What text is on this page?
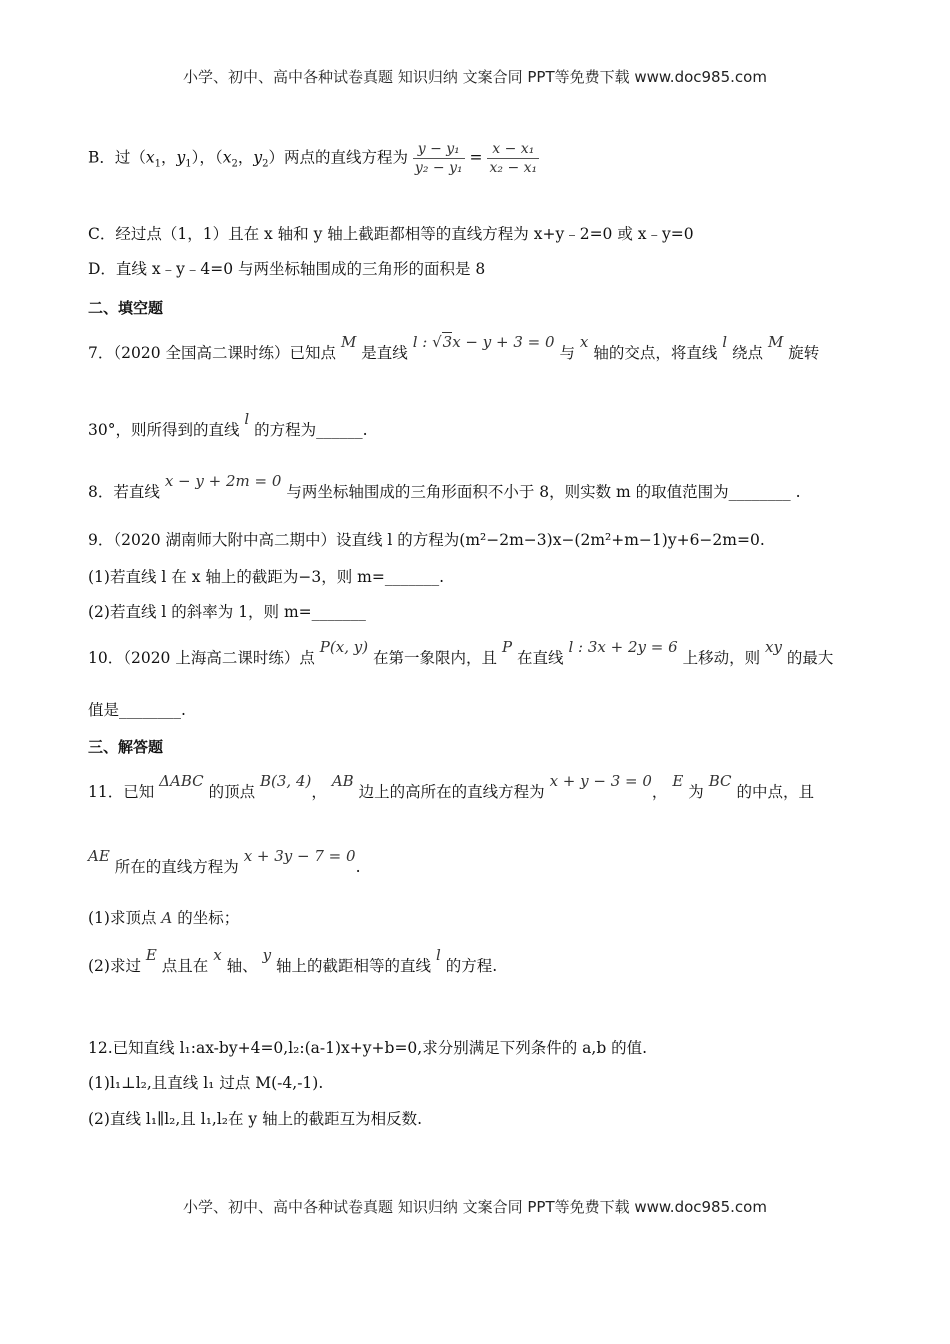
小学、初中、高中各种试卷真题 知识归纳 文案合同 PPT等免费下载 www.doc985.com
B．过（$x_1$，$y_1$），（$x_2$，$y_2$）两点的直线方程为 $\frac{\text{y − y₁}}{\text{y₂ − y₁}} = \frac{\text{x − x₁}}{\text{x₂ − x₁}}$
C．经过点（1，1）且在 x 轴和 y 轴上截距都相等的直线方程为 x+y﹣2=0 或 x﹣y=0
D．直线 x﹣y﹣4=0 与两坐标轴围成的三角形的面积是 8
二、填空题
7．（2020 全国高二课时练）已知点 M 是直线 l : √3x − y + 3 = 0 与 x 轴的交点，将直线 l 绕点 M 旋转
30°，则所得到的直线 l 的方程为______.
8．若直线 x − y + 2m = 0 与两坐标轴围成的三角形面积不小于 8，则实数 m 的取值范围为________ .
9．（2020 湖南师大附中高二期中）设直线 l 的方程为(m²−2m−3)x−(2m²+m−1)y+6−2m=0.
(1)若直线 l 在 x 轴上的截距为−3，则 m=_______.
(2)若直线 l 的斜率为 1，则 m=_______
10．（2020 上海高二课时练）点 P(x, y) 在第一象限内，且 P 在直线 l : 3x + 2y = 6 上移动，则 xy 的最大
值是________.
三、解答题
11．已知 ΔABC 的顶点 B(3, 4)， AB 边上的高所在的直线方程为 x + y − 3 = 0， E 为 BC 的中点，且
AE 所在的直线方程为 x + 3y − 7 = 0.
(1)求顶点 A 的坐标；
(2)求过 E 点且在 x 轴、 y 轴上的截距相等的直线 l 的方程.
12.已知直线 l₁:ax-by+4=0,l₂:(a-1)x+y+b=0,求分别满足下列条件的 a,b 的值.
(1)l₁⊥l₂,且直线 l₁ 过点 M(-4,-1).
(2)直线 l₁∥l₂,且 l₁,l₂在 y 轴上的截距互为相反数.
小学、初中、高中各种试卷真题 知识归纳 文案合同 PPT等免费下载 www.doc985.com
